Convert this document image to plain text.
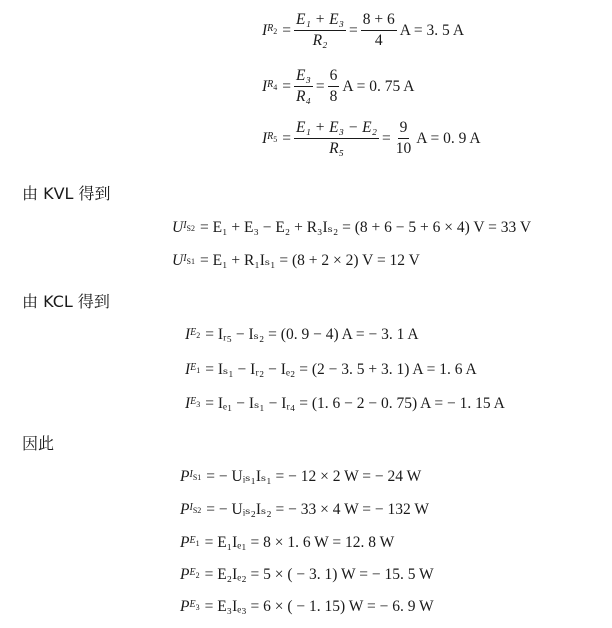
I $R_2 = \frac{\text{E₁ + E₃}}{\text{R₂}} = \frac{8 + 6}{4}$ A = 3. 5 A
I $R_4 = \frac{\text{E₃}}{\text{R₄}} = \frac{6}{8}$ A = 0. 75 A
I $R_5 = \frac{\text{E₁ + E₃ − E₂}}{\text{R₅}} = \frac{9}{10}$ A = 0. 9 A
由 KVL 得到
U $I_{S2} = E_1 + E_3 - E_2 + R_3I_{s2} = (8 + 6 - 5 + 6 \times 4) V = 33$ V
U $I_{S1} = E_1 + R_1I_{s1} = (8 + 2 \times 2) V = 12$ V
由 KCL 得到
I $E_2$ = Iᵣ₅ − Iₛ₂ = (0. 9 − 4) A = − 3. 1 A
I $E_1 = I_{s1}$ − Iᵣ₂ − Iₑ₂ = (2 − 3. 5 + 3. 1) A = 1. 6 A
I $E_3 = I_{e1} - I_{s1}$ − Iᵣ₄ = (1. 6 − 2 − 0. 75) A = − 1. 15 A
因此
P $I_{S1}$ = − Uᵢₛ₁Iₛ₁ = − 12 × 2 W = − 24 W
P $I_{S2}$ = − Uᵢₛ₂Iₛ₂ = − 33 × 4 W = − 132 W
P $E_1 = E_1I_{e1} = 8 \times 1$. 6 W = 12. 8 W
P $E_2 = E_2I_{e2} = 5$ × ( − 3. 1) W = − 15. 5 W
P $E_3 = E_3I_{e3} = 6$ × ( − 1. 15) W = − 6. 9 W
